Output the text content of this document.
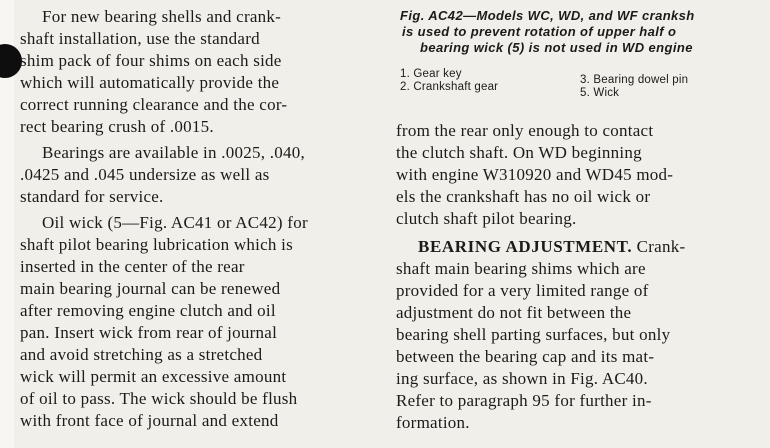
For new bearing shells and crank-
shaft installation, use the standard
shim pack of four shims on each side
which will automatically provide the
correct running clearance and the cor-
rect bearing crush of .0015.
Bearings are available in .0025, .040,
.0425 and .045 undersize as well as
standard for service.
Oil wick (5—Fig. AC41 or AC42) for
shaft pilot bearing lubrication which is
inserted in the center of the rear
main bearing journal can be renewed
after removing engine clutch and oil
pan. Insert wick from rear of journal
and avoid stretching as a stretched
wick will permit an excessive amount
of oil to pass. The wick should be flush
with front face of journal and extend
Fig. AC42—Models WC, WD, and WF cranksh
is used to prevent rotation of upper half o
bearing wick (5) is not used in WD engine
1. Gear key
2. Crankshaft gear
3. Bearing dowel pin
5. Wick
from the rear only enough to contact
the clutch shaft. On WD beginning
with engine W310920 and WD45 mod-
els the crankshaft has no oil wick or
clutch shaft pilot bearing.
BEARING ADJUSTMENT. Crank-
shaft main bearing shims which are
provided for a very limited range of
adjustment do not fit between the
bearing shell parting surfaces, but only
between the bearing cap and its mat-
ing surface, as shown in Fig. AC40.
Refer to paragraph 95 for further in-
formation.
